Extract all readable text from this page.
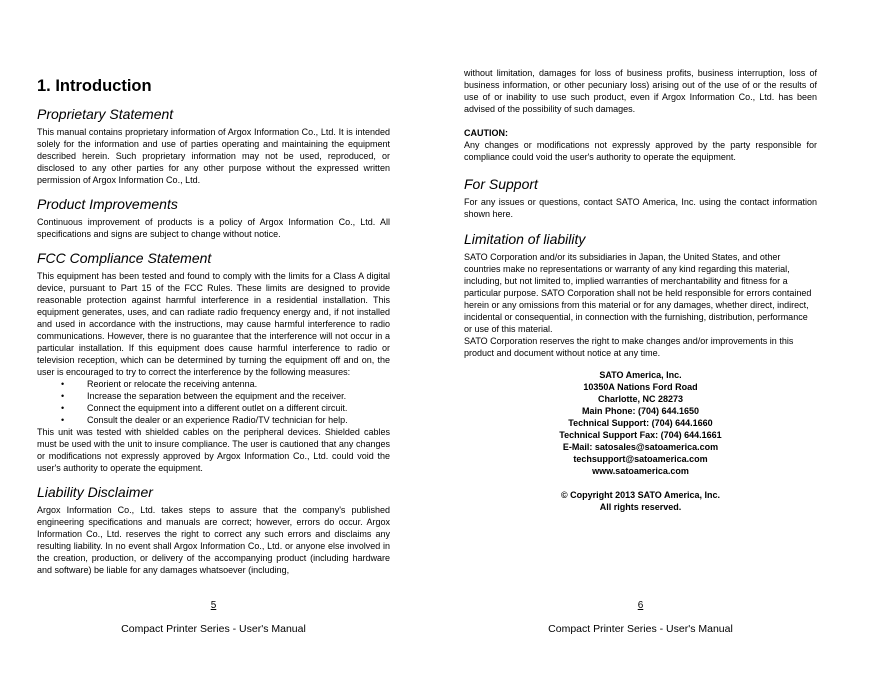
1. Introduction
Proprietary Statement

This manual contains proprietary information of Argox Information Co., Ltd. It is intended solely for the information and use of parties operating and maintaining the equipment described herein. Such proprietary information may not be used, reproduced, or disclosed to any other parties for any other purpose without the expressed written permission of Argox Information Co., Ltd.

Product Improvements

Continuous improvement of products is a policy of Argox Information Co., Ltd. All specifications and signs are subject to change without notice.

FCC Compliance Statement

This equipment has been tested and found to comply with the limits for a Class A digital device, pursuant to Part 15 of the FCC Rules. These limits are designed to provide reasonable protection against harmful interference in a residential installation. This equipment generates, uses, and can radiate radio frequency energy and, if not installed and used in accordance with the instructions, may cause harmful interference to radio communications. However, there is no guarantee that the interference will not occur in a particular installation. If this equipment does cause harmful interference to radio or television reception, which can be determined by turning the equipment off and on, the user is encouraged to try to correct the interference by the following measures:

• Reorient or relocate the receiving antenna.
• Increase the separation between the equipment and the receiver.
• Connect the equipment into a different outlet on a different circuit.
• Consult the dealer or an experience Radio/TV technician for help.

This unit was tested with shielded cables on the peripheral devices. Shielded cables must be used with the unit to insure compliance. The user is cautioned that any changes or modifications not expressly approved by Argox Information Co., Ltd. could void the user's authority to operate the equipment.

Liability Disclaimer

Argox Information Co., Ltd. takes steps to assure that the company's published engineering specifications and manuals are correct; however, errors do occur. Argox Information Co., Ltd. reserves the right to correct any such errors and disclaims any resulting liability. In no event shall Argox Information Co., Ltd. or anyone else involved in the creation, production, or delivery of the accompanying product (including hardware and software) be liable for any damages whatsoever (including,

5
Compact Printer Series - User's Manual

without limitation, damages for loss of business profits, business interruption, loss of business information, or other pecuniary loss) arising out of the use of or the results of use of or inability to use such product, even if Argox Information Co., Ltd. has been advised of the possibility of such damages.

CAUTION:

Any changes or modifications not expressly approved by the party responsible for compliance could void the user's authority to operate the equipment.

For Support

For any issues or questions, contact SATO America, Inc. using the contact information shown here.

Limitation of liability

SATO Corporation and/or its subsidiaries in Japan, the United States, and other countries make no representations or warranty of any kind regarding this material, including, but not limited to, implied warranties of merchantability and fitness for a particular purpose. SATO Corporation shall not be held responsible for errors contained herein or any omissions from this material or for any damages, whether direct, indirect, incidental or consequential, in connection with the furnishing, distribution, performance or use of this material.

SATO Corporation reserves the right to make changes and/or improvements in this product and document without notice at any time.

SATO America, Inc.
10350A Nations Ford Road
Charlotte, NC 28273
Main Phone: (704) 644.1650
Technical Support: (704) 644.1660
Technical Support Fax: (704) 644.1661
E-Mail: satosales@satoamerica.com
techsupport@satoamerica.com
www.satoamerica.com
© Copyright 2013 SATO America, Inc.
All rights reserved.
6
Compact Printer Series - User's Manual
